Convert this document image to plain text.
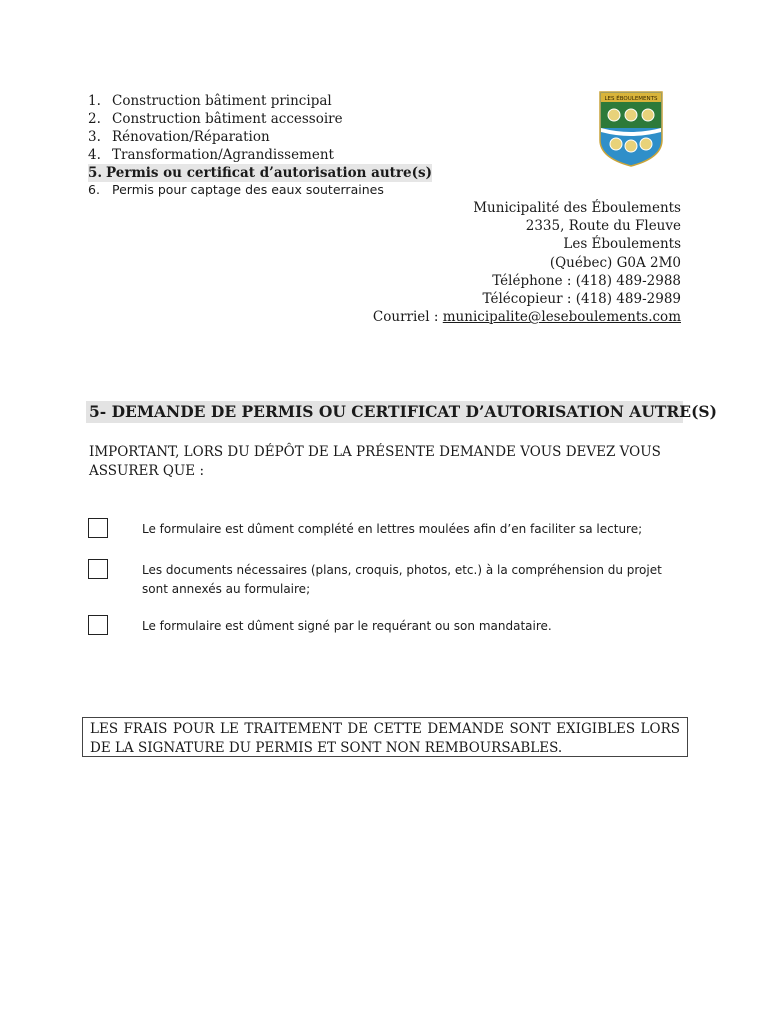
1. Construction bâtiment principal
2. Construction bâtiment accessoire
3. Rénovation/Réparation
4. Transformation/Agrandissement
5. Permis ou certificat d’autorisation autre(s)
6. Permis pour captage des eaux souterraines
LES ÉBOULEMENTS
Municipalité des Éboulements
2335, Route du Fleuve
Les Éboulements
(Québec) G0A 2M0
Téléphone : (418) 489-2988
Télécopieur : (418) 489-2989
Courriel : municipalite@leseboulements.com
5- DEMANDE DE PERMIS OU CERTIFICAT D’AUTORISATION AUTRE(S)
IMPORTANT, LORS DU DÉPÔT DE LA PRÉSENTE DEMANDE VOUS DEVEZ VOUS ASSURER QUE :
Le formulaire est dûment complété en lettres moulées afin d’en faciliter sa lecture;
Les documents nécessaires (plans, croquis, photos, etc.) à la compréhension du projet sont annexés au formulaire;
Le formulaire est dûment signé par le requérant ou son mandataire.
LES FRAIS POUR LE TRAITEMENT DE CETTE DEMANDE SONT EXIGIBLES LORS DE LA SIGNATURE DU PERMIS ET SONT NON REMBOURSABLES.
